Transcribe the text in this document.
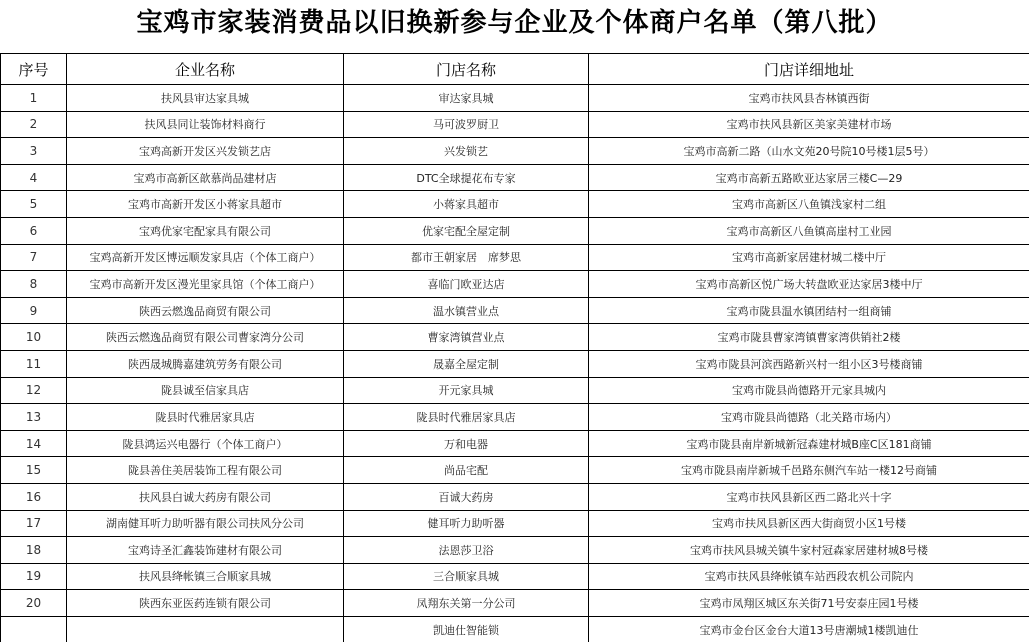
宝鸡市家装消费品以旧换新参与企业及个体商户名单（第八批）
序号	企业名称	门店名称	门店详细地址
1	扶风县审达家具城	审达家具城	宝鸡市扶风县杏林镇西街
2	扶风县同让装饰材料商行	马可波罗厨卫	宝鸡市扶风县新区美家美建材市场
3	宝鸡高新开发区兴发锁艺店	兴发锁艺	宝鸡市高新二路（山水文苑20号院10号楼1层5号）
4	宝鸡市高新区歆慕尚品建材店	DTC全球提花布专家	宝鸡市高新五路欧亚达家居三楼C—29
5	宝鸡市高新开发区小蒋家具超市	小蒋家具超市	宝鸡市高新区八鱼镇浅家村二组
6	宝鸡优家宅配家具有限公司	优家宅配全屋定制	宝鸡市高新区八鱼镇高崖村工业园
7	宝鸡高新开发区博远顺发家具店（个体工商户）	都市王朝家居　席梦思	宝鸡市高新家居建材城二楼中厅
8	宝鸡市高新开发区漫光里家具馆（个体工商户）	喜临门欧亚达店	宝鸡市高新区悦广场大转盘欧亚达家居3楼中厅
9	陕西云燃逸品商贸有限公司	温水镇营业点	宝鸡市陇县温水镇团结村一组商铺
10	陕西云燃逸品商贸有限公司曹家湾分公司	曹家湾镇营业点	宝鸡市陇县曹家湾镇曹家湾供销社2楼
11	陕西晟城腾嘉建筑劳务有限公司	晟嘉全屋定制	宝鸡市陇县河滨西路新兴村一组小区3号楼商铺
12	陇县诚至信家具店	开元家具城	宝鸡市陇县尚德路开元家具城内
13	陇县时代雅居家具店	陇县时代雅居家具店	宝鸡市陇县尚德路（北关路市场内）
14	陇县鸿运兴电器行（个体工商户）	万和电器	宝鸡市陇县南岸新城新冠森建材城B座C区181商铺
15	陇县善住美居装饰工程有限公司	尚品宅配	宝鸡市陇县南岸新城千邑路东侧汽车站一楼12号商铺
16	扶风县白诚大药房有限公司	百诚大药房	宝鸡市扶风县新区西二路北兴十字
17	湖南健耳听力助听器有限公司扶风分公司	健耳听力助听器	宝鸡市扶风县新区西大街商贸小区1号楼
18	宝鸡诗圣汇鑫装饰建材有限公司	法恩莎卫浴	宝鸡市扶风县城关镇牛家村冠森家居建材城8号楼
19	扶风县绛帐镇三合顺家具城	三合顺家具城	宝鸡市扶风县绛帐镇车站西段农机公司院内
20	陕西东亚医药连锁有限公司	凤翔东关第一分公司	宝鸡市凤翔区城区东关街71号安泰庄园1号楼
		凯迪仕智能锁	宝鸡市金台区金台大道13号唐潮城1楼凯迪仕
